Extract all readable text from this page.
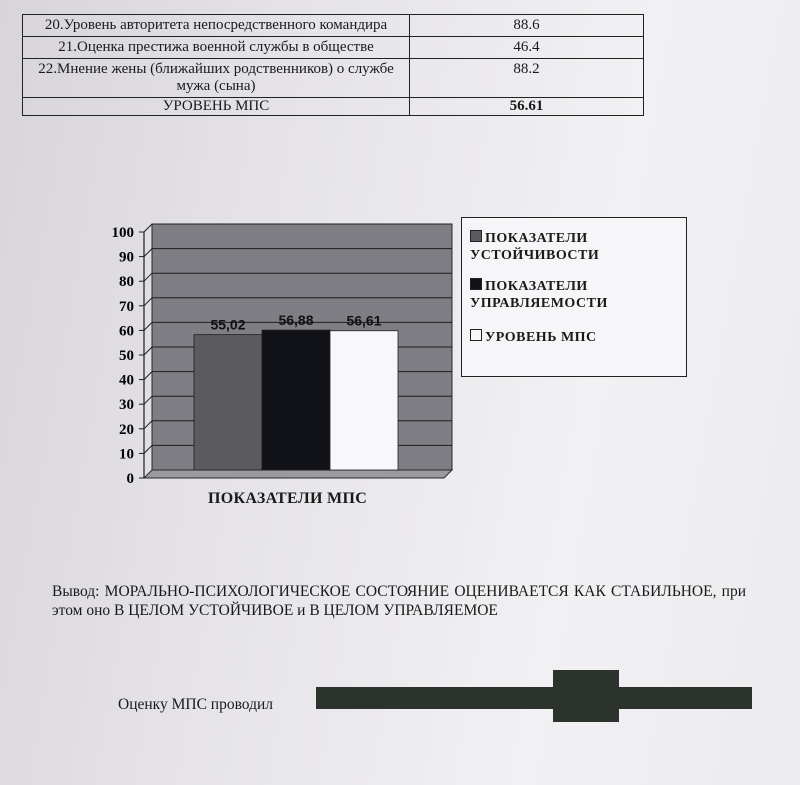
20.Уровень авторитета непосредственного командира	88.6
21.Оценка престижа военной службы в обществе	46.4
22.Мнение жены (ближайших родственников) о службе мужа (сына)	88.2
УРОВЕНЬ МПС	56.61
0
10
20
30
40
50
60
70
80
90
100
55,02 56,88 56,61
ПОКАЗАТЕЛИ
УСТОЙЧИВОСТИ
ПОКАЗАТЕЛИ
УПРАВЛЯЕМОСТИ
УРОВЕНЬ МПС
ПОКАЗАТЕЛИ МПС
Вывод: МОРАЛЬНО-ПСИХОЛОГИЧЕСКОЕ СОСТОЯНИЕ ОЦЕНИВАЕТСЯ КАК СТАБИЛЬНОЕ, при этом оно В ЦЕЛОМ УСТОЙЧИВОЕ и В ЦЕЛОМ УПРАВЛЯЕМОЕ
Оценку МПС проводил
